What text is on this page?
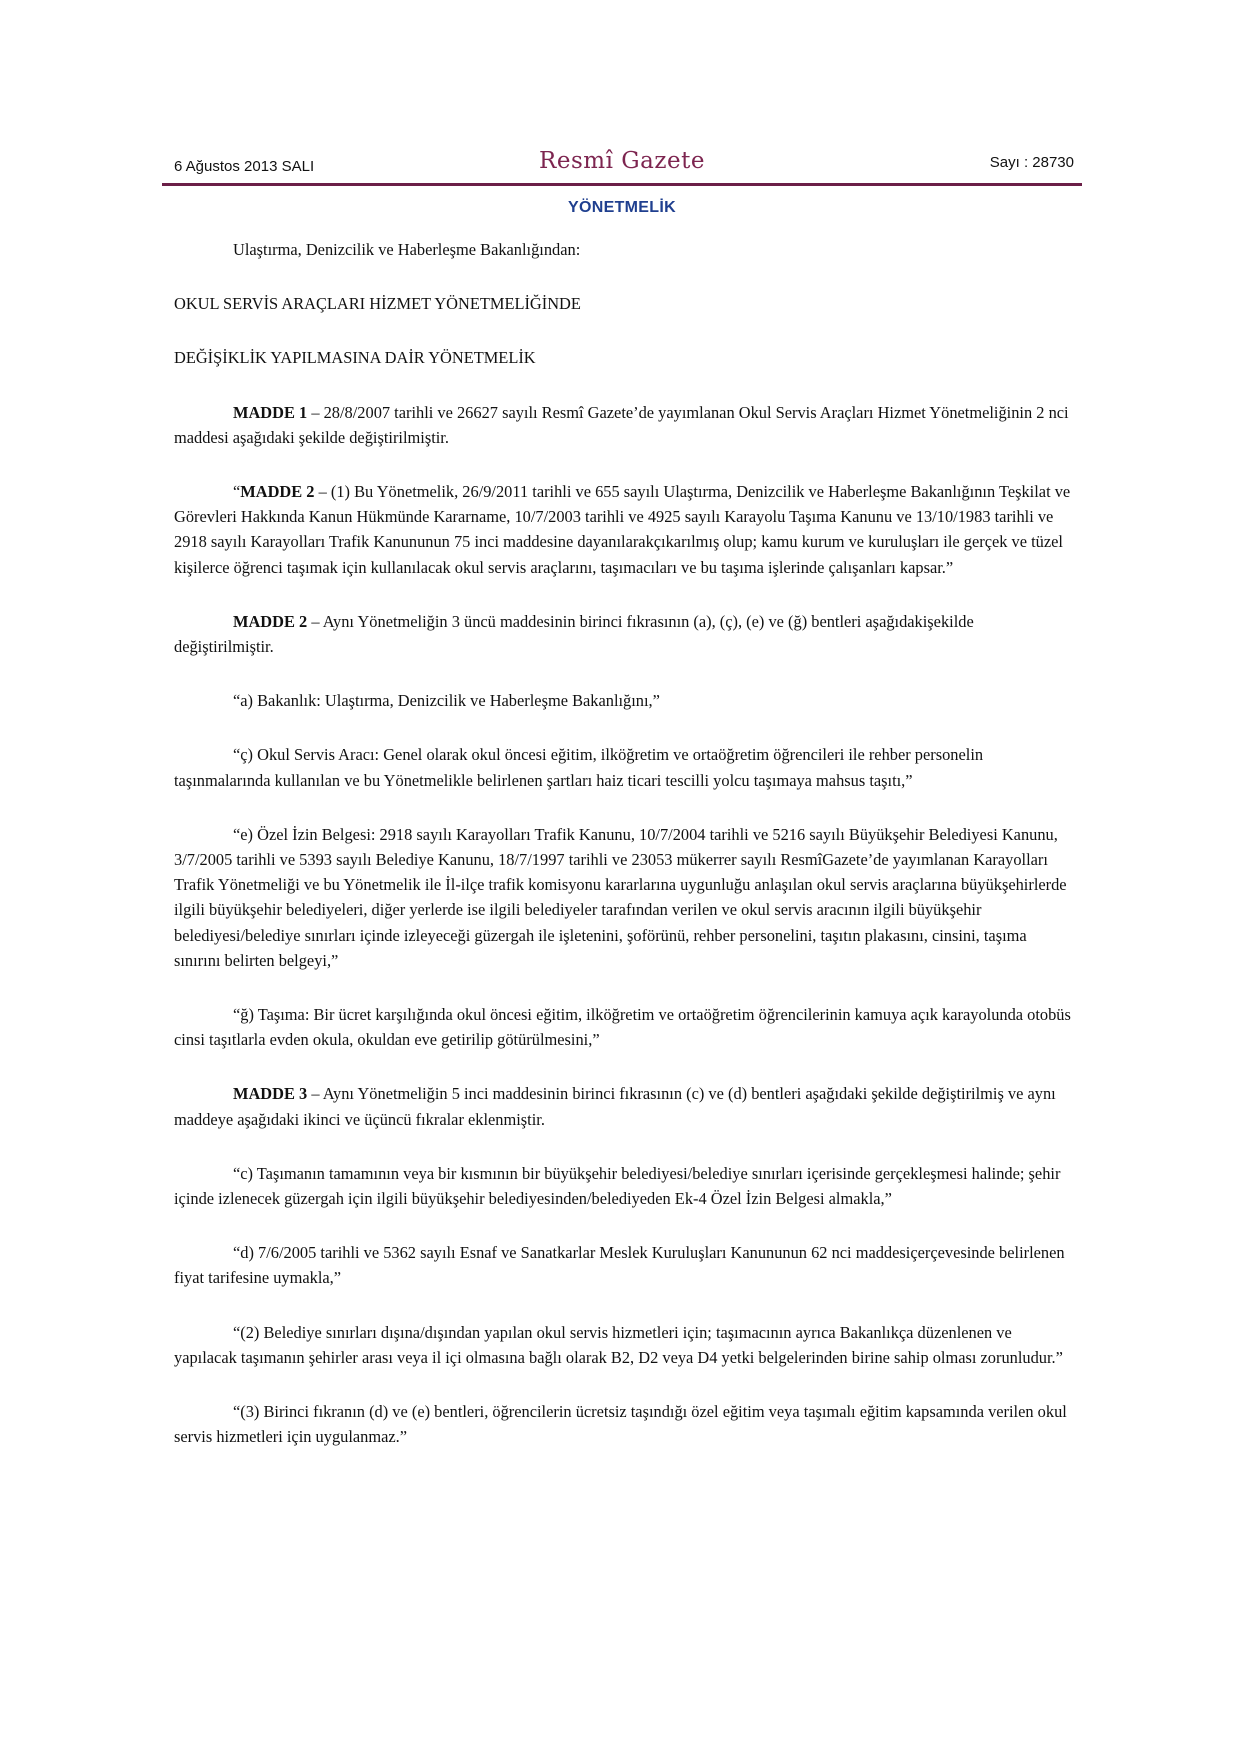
6 Ağustos 2013 SALI	Resmî Gazete	Sayı : 28730
YÖNETMELİK

Ulaştırma, Denizcilik ve Haberleşme Bakanlığından:

OKUL SERVİS ARAÇLARI HİZMET YÖNETMELİĞİNDE

DEĞİŞİKLİK YAPILMASINA DAİR YÖNETMELİK

MADDE 1 – 28/8/2007 tarihli ve 26627 sayılı Resmî Gazete’de yayımlanan Okul Servis Araçları Hizmet Yönetmeliğinin 2 nci maddesi aşağıdaki şekilde değiştirilmiştir.

“MADDE 2 – (1) Bu Yönetmelik, 26/9/2011 tarihli ve 655 sayılı Ulaştırma, Denizcilik ve Haberleşme Bakanlığının Teşkilat ve Görevleri Hakkında Kanun Hükmünde Kararname, 10/7/2003 tarihli ve 4925 sayılı Karayolu Taşıma Kanunu ve 13/10/1983 tarihli ve 2918 sayılı Karayolları Trafik Kanununun 75 inci maddesine dayanılarakçıkarılmış olup; kamu kurum ve kuruluşları ile gerçek ve tüzel kişilerce öğrenci taşımak için kullanılacak okul servis araçlarını, taşımacıları ve bu taşıma işlerinde çalışanları kapsar.”

MADDE 2 – Aynı Yönetmeliğin 3 üncü maddesinin birinci fıkrasının (a), (ç), (e) ve (ğ) bentleri aşağıdakişekilde değiştirilmiştir.

“a) Bakanlık: Ulaştırma, Denizcilik ve Haberleşme Bakanlığını,”

“ç) Okul Servis Aracı: Genel olarak okul öncesi eğitim, ilköğretim ve ortaöğretim öğrencileri ile rehber personelin taşınmalarında kullanılan ve bu Yönetmelikle belirlenen şartları haiz ticari tescilli yolcu taşımaya mahsus taşıtı,”

“e) Özel İzin Belgesi: 2918 sayılı Karayolları Trafik Kanunu, 10/7/2004 tarihli ve 5216 sayılı Büyükşehir Belediyesi Kanunu, 3/7/2005 tarihli ve 5393 sayılı Belediye Kanunu, 18/7/1997 tarihli ve 23053 mükerrer sayılı ResmîGazete’de yayımlanan Karayolları Trafik Yönetmeliği ve bu Yönetmelik ile İl-ilçe trafik komisyonu kararlarına uygunluğu anlaşılan okul servis araçlarına büyükşehirlerde ilgili büyükşehir belediyeleri, diğer yerlerde ise ilgili belediyeler tarafından verilen ve okul servis aracının ilgili büyükşehir belediyesi/belediye sınırları içinde izleyeceği güzergah ile işletenini, şoförünü, rehber personelini, taşıtın plakasını, cinsini, taşıma sınırını belirten belgeyi,”

“ğ) Taşıma: Bir ücret karşılığında okul öncesi eğitim, ilköğretim ve ortaöğretim öğrencilerinin kamuya açık karayolunda otobüs cinsi taşıtlarla evden okula, okuldan eve getirilip götürülmesini,”

MADDE 3 – Aynı Yönetmeliğin 5 inci maddesinin birinci fıkrasının (c) ve (d) bentleri aşağıdaki şekilde değiştirilmiş ve aynı maddeye aşağıdaki ikinci ve üçüncü fıkralar eklenmiştir.

“c) Taşımanın tamamının veya bir kısmının bir büyükşehir belediyesi/belediye sınırları içerisinde gerçekleşmesi halinde; şehir içinde izlenecek güzergah için ilgili büyükşehir belediyesinden/belediyeden Ek-4 Özel İzin Belgesi almakla,”

“d) 7/6/2005 tarihli ve 5362 sayılı Esnaf ve Sanatkarlar Meslek Kuruluşları Kanununun 62 nci maddesiçerçevesinde belirlenen fiyat tarifesine uymakla,”

“(2) Belediye sınırları dışına/dışından yapılan okul servis hizmetleri için; taşımacının ayrıca Bakanlıkça düzenlenen ve yapılacak taşımanın şehirler arası veya il içi olmasına bağlı olarak B2, D2 veya D4 yetki belgelerinden birine sahip olması zorunludur.”

“(3) Birinci fıkranın (d) ve (e) bentleri, öğrencilerin ücretsiz taşındığı özel eğitim veya taşımalı eğitim kapsamında verilen okul servis hizmetleri için uygulanmaz.”
